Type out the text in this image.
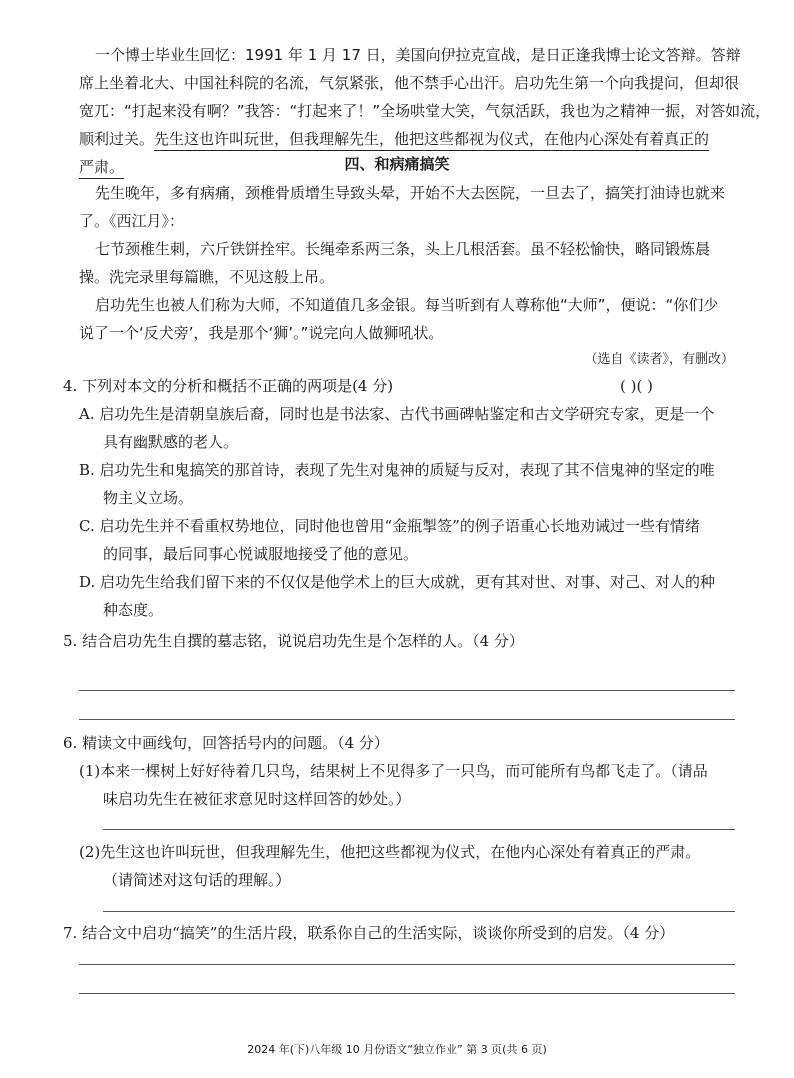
一个博士毕业生回忆：1991 年 1 月 17 日，美国向伊拉克宣战，是日正逢我博士论文答辩。答辩
席上坐着北大、中国社科院的名流，气氛紧张，他不禁手心出汗。启功先生第一个向我提问，但却很
宽兀：“打起来没有啊？”我答：“打起来了！”全场哄堂大笑，气氛活跃，我也为之精神一振，对答如流，
顺利过关。先生这也许叫玩世，但我理解先生，他把这些都视为仪式，在他内心深处有着真正的
严肃。	四、和病痛搞笑
先生晚年，多有病痛，颈椎骨质增生导致头晕，开始不大去医院，一旦去了，搞笑打油诗也就来
了。《西江月》：
七节颈椎生刺，六斤铁饼拴牢。长绳牵系两三条，头上几根活套。虽不轻松愉快，略同锻炼晨
操。洗完录里每篇瞧，不见这般上吊。
启功先生也被人们称为大师，不知道值几多金银。每当听到有人尊称他“大师”，便说：“你们少
说了一个‘反犬旁’，我是那个‘狮’。”说完向人做狮吼状。
（选自《读者》，有删改）
4. 下列对本文的分析和概括不正确的两项是(4 分)	( )( )
A. 启功先生是清朝皇族后裔，同时也是书法家、古代书画碑帖鉴定和古文学研究专家，更是一个
具有幽默感的老人。
B. 启功先生和鬼搞笑的那首诗，表现了先生对鬼神的质疑与反对，表现了其不信鬼神的坚定的唯
物主义立场。
C. 启功先生并不看重权势地位，同时他也曾用“金瓶掣签”的例子语重心长地劝诫过一些有情绪
的同事，最后同事心悦诚服地接受了他的意见。
D. 启功先生给我们留下来的不仅仅是他学术上的巨大成就，更有其对世、对事、对己、对人的种
种态度。
5. 结合启功先生自撰的墓志铭，说说启功先生是个怎样的人。（4 分）
6. 精读文中画线句，回答括号内的问题。（4 分）
(1)本来一棵树上好好待着几只鸟，结果树上不见得多了一只鸟，而可能所有鸟都飞走了。（请品
味启功先生在被征求意见时这样回答的妙处。）
(2)先生这也许叫玩世，但我理解先生，他把这些都视为仪式，在他内心深处有着真正的严肃。
（请简述对这句话的理解。）
7. 结合文中启功“搞笑”的生活片段，联系你自己的生活实际，谈谈你所受到的启发。（4 分）
2024 年(下)八年级 10 月份语文“独立作业” 第 3 页(共 6 页)
